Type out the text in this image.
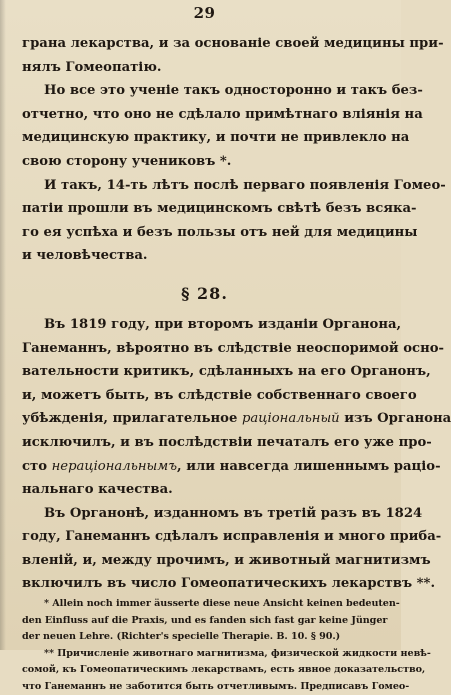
29
грана лекарства, и за основаніе своей медицины при-
нялъ Гомеопатію.
Но все это ученіе такъ односторонно и такъ без-
отчетно, что оно не сдѣлало примѣтнаго вліянія на
медицинскую практику, и почти не привлекло на
свою сторону учениковъ *.
И такъ, 14-ть лѣтъ послѣ перваго появленія Гомео-
патіи прошли въ медицинскомъ свѣтѣ безъ всяка-
го ея успѣха и безъ пользы отъ ней для медицины
и человѣчества.
§ 28.
Въ 1819 году, при второмъ изданіи Органона,
Ганеманнъ, вѣроятно въ слѣдствіе неоспоримой осно-
вательности критикъ, сдѣланныхъ на его Органонъ,
и, можетъ быть, въ слѣдствіе собственнаго своего
убѣжденія, прилагательное раціональный изъ Органона
исключилъ, и въ послѣдствіи печаталъ его уже про-
сто нераціональнымъ, или навсегда лишеннымъ раціо-
нальнаго качества.
Въ Органонѣ, изданномъ въ третій разъ въ 1824
году, Ганеманнъ сдѣлалъ исправленія и много приба-
вленій, и, между прочимъ, и животный магнитизмъ
включилъ въ число Гомеопатическихъ лекарствъ **.
* Allein noch immer äusserte diese neue Ansicht keinen bedeuten-
den Einfluss auf die Praxis, und es fanden sich fast gar keine Jünger
der neuen Lehre. (Richter's specielle Therapie. B. 10. § 90.)
** Причисленіе животнаго магнитизма, физической жидкости невѣ-
сомой, къ Гомеопатическимъ лекарствамъ, есть явное доказательство,
что Ганеманнъ не заботится быть отчетливымъ. Предписавъ Гомео-
